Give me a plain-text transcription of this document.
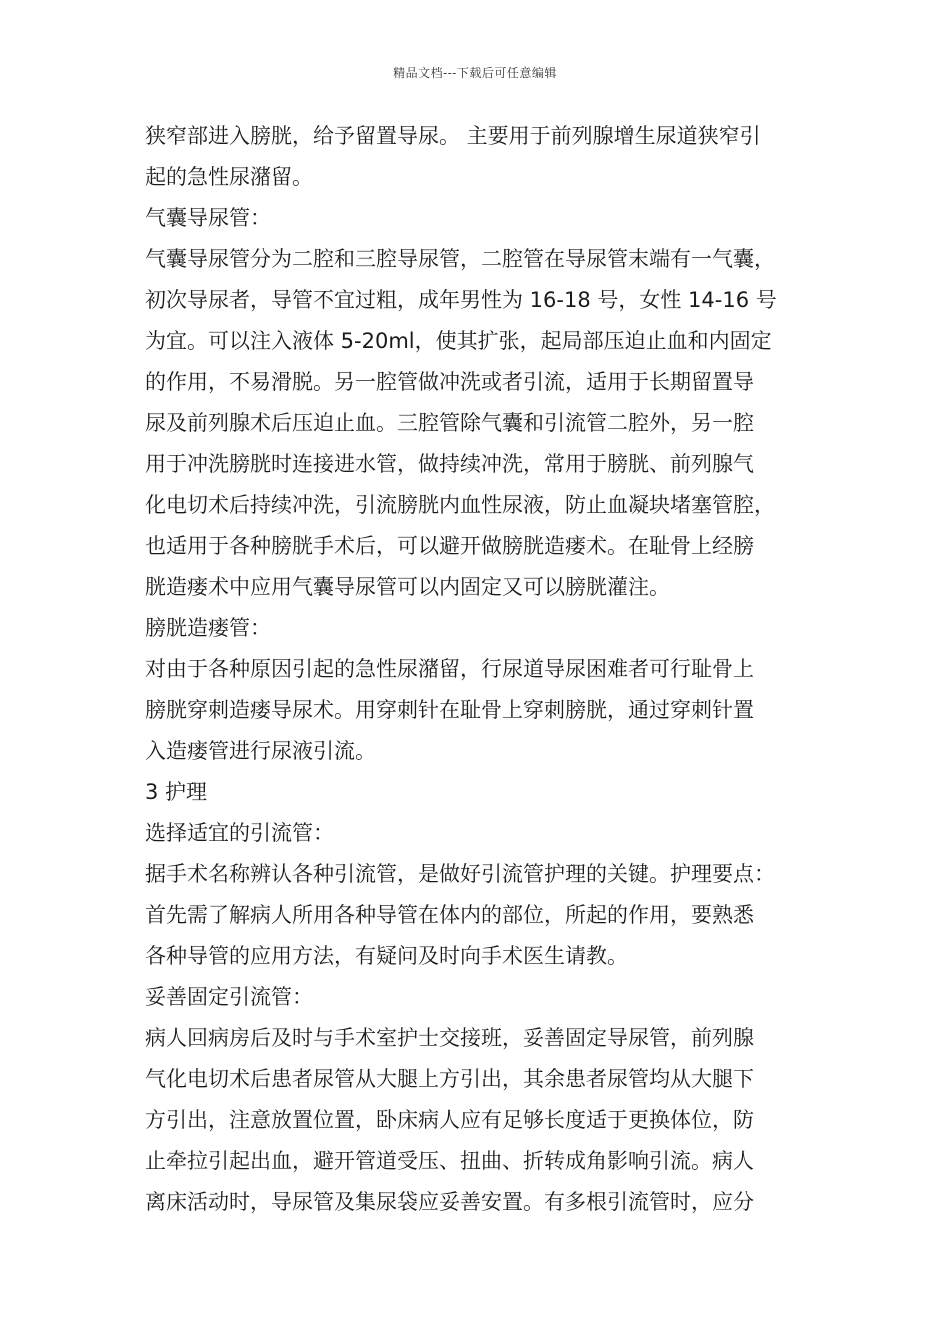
精品文档---下载后可任意编辑
狭窄部进入膀胱，给予留置导尿。 主要用于前列腺增生尿道狭窄引
起的急性尿潴留。
气囊导尿管：
气囊导尿管分为二腔和三腔导尿管，二腔管在导尿管末端有一气囊，
初次导尿者，导管不宜过粗，成年男性为 16-18 号，女性 14-16 号
为宜。可以注入液体 5-20ml，使其扩张，起局部压迫止血和内固定
的作用，不易滑脱。另一腔管做冲洗或者引流，适用于长期留置导
尿及前列腺术后压迫止血。三腔管除气囊和引流管二腔外，另一腔
用于冲洗膀胱时连接进水管，做持续冲洗，常用于膀胱、前列腺气
化电切术后持续冲洗，引流膀胱内血性尿液，防止血凝块堵塞管腔，
也适用于各种膀胱手术后，可以避开做膀胱造瘘术。在耻骨上经膀
胱造瘘术中应用气囊导尿管可以内固定又可以膀胱灌注。
膀胱造瘘管：
对由于各种原因引起的急性尿潴留，行尿道导尿困难者可行耻骨上
膀胱穿刺造瘘导尿术。用穿刺针在耻骨上穿刺膀胱，通过穿刺针置
入造瘘管进行尿液引流。
3 护理
选择适宜的引流管：
据手术名称辨认各种引流管，是做好引流管护理的关键。护理要点：
首先需了解病人所用各种导管在体内的部位，所起的作用，要熟悉
各种导管的应用方法，有疑问及时向手术医生请教。
妥善固定引流管：
病人回病房后及时与手术室护士交接班，妥善固定导尿管，前列腺
气化电切术后患者尿管从大腿上方引出，其余患者尿管均从大腿下
方引出，注意放置位置，卧床病人应有足够长度适于更换体位，防
止牵拉引起出血，避开管道受压、扭曲、折转成角影响引流。病人
离床活动时，导尿管及集尿袋应妥善安置。有多根引流管时，应分
